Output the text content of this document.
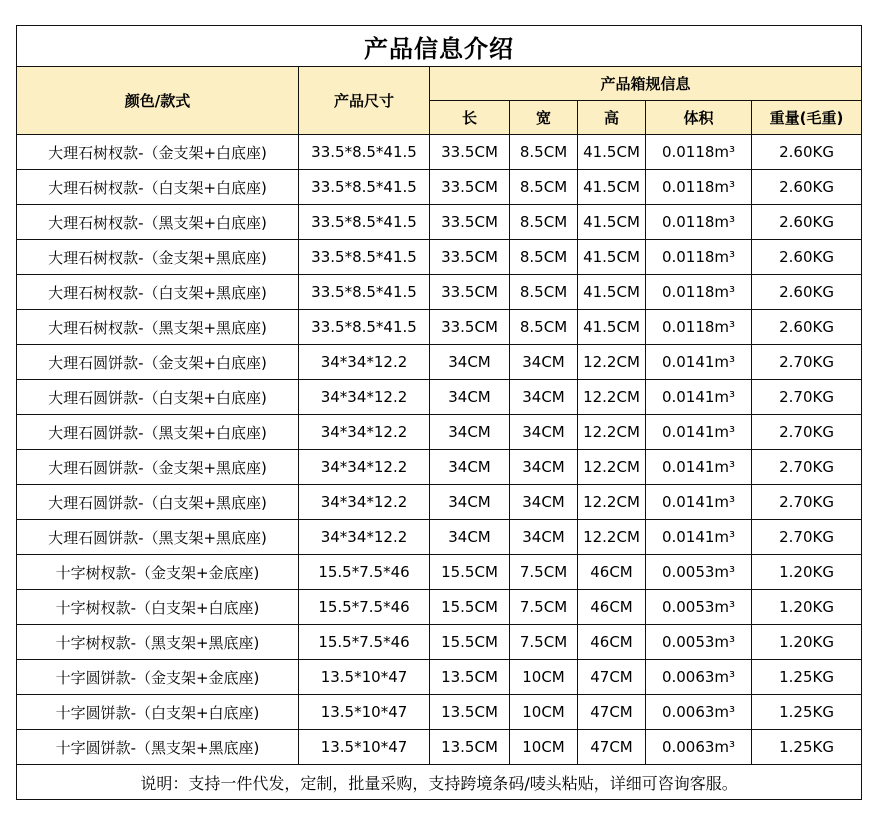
产品信息介绍						
颜色/款式	产品尺寸	产品箱规信息				
		长	宽	高	体积	重量(毛重)
大理石树杈款-（金支架+白底座)	33.5*8.5*41.5	33.5CM	8.5CM	41.5CM	0.0118m³	2.60KG
大理石树杈款-（白支架+白底座)	33.5*8.5*41.5	33.5CM	8.5CM	41.5CM	0.0118m³	2.60KG
大理石树杈款-（黑支架+白底座)	33.5*8.5*41.5	33.5CM	8.5CM	41.5CM	0.0118m³	2.60KG
大理石树杈款-（金支架+黑底座)	33.5*8.5*41.5	33.5CM	8.5CM	41.5CM	0.0118m³	2.60KG
大理石树杈款-（白支架+黑底座)	33.5*8.5*41.5	33.5CM	8.5CM	41.5CM	0.0118m³	2.60KG
大理石树杈款-（黑支架+黑底座)	33.5*8.5*41.5	33.5CM	8.5CM	41.5CM	0.0118m³	2.60KG
大理石圆饼款-（金支架+白底座)	34*34*12.2	34CM	34CM	12.2CM	0.0141m³	2.70KG
大理石圆饼款-（白支架+白底座)	34*34*12.2	34CM	34CM	12.2CM	0.0141m³	2.70KG
大理石圆饼款-（黑支架+白底座)	34*34*12.2	34CM	34CM	12.2CM	0.0141m³	2.70KG
大理石圆饼款-（金支架+黑底座)	34*34*12.2	34CM	34CM	12.2CM	0.0141m³	2.70KG
大理石圆饼款-（白支架+黑底座)	34*34*12.2	34CM	34CM	12.2CM	0.0141m³	2.70KG
大理石圆饼款-（黑支架+黑底座)	34*34*12.2	34CM	34CM	12.2CM	0.0141m³	2.70KG
十字树杈款-（金支架+金底座)	15.5*7.5*46	15.5CM	7.5CM	46CM	0.0053m³	1.20KG
十字树杈款-（白支架+白底座)	15.5*7.5*46	15.5CM	7.5CM	46CM	0.0053m³	1.20KG
十字树杈款-（黑支架+黑底座)	15.5*7.5*46	15.5CM	7.5CM	46CM	0.0053m³	1.20KG
十字圆饼款-（金支架+金底座)	13.5*10*47	13.5CM	10CM	47CM	0.0063m³	1.25KG
十字圆饼款-（白支架+白底座)	13.5*10*47	13.5CM	10CM	47CM	0.0063m³	1.25KG
十字圆饼款-（黑支架+黑底座)	13.5*10*47	13.5CM	10CM	47CM	0.0063m³	1.25KG
说明：支持一件代发，定制，批量采购，支持跨境条码/唛头粘贴，详细可咨询客服。						
